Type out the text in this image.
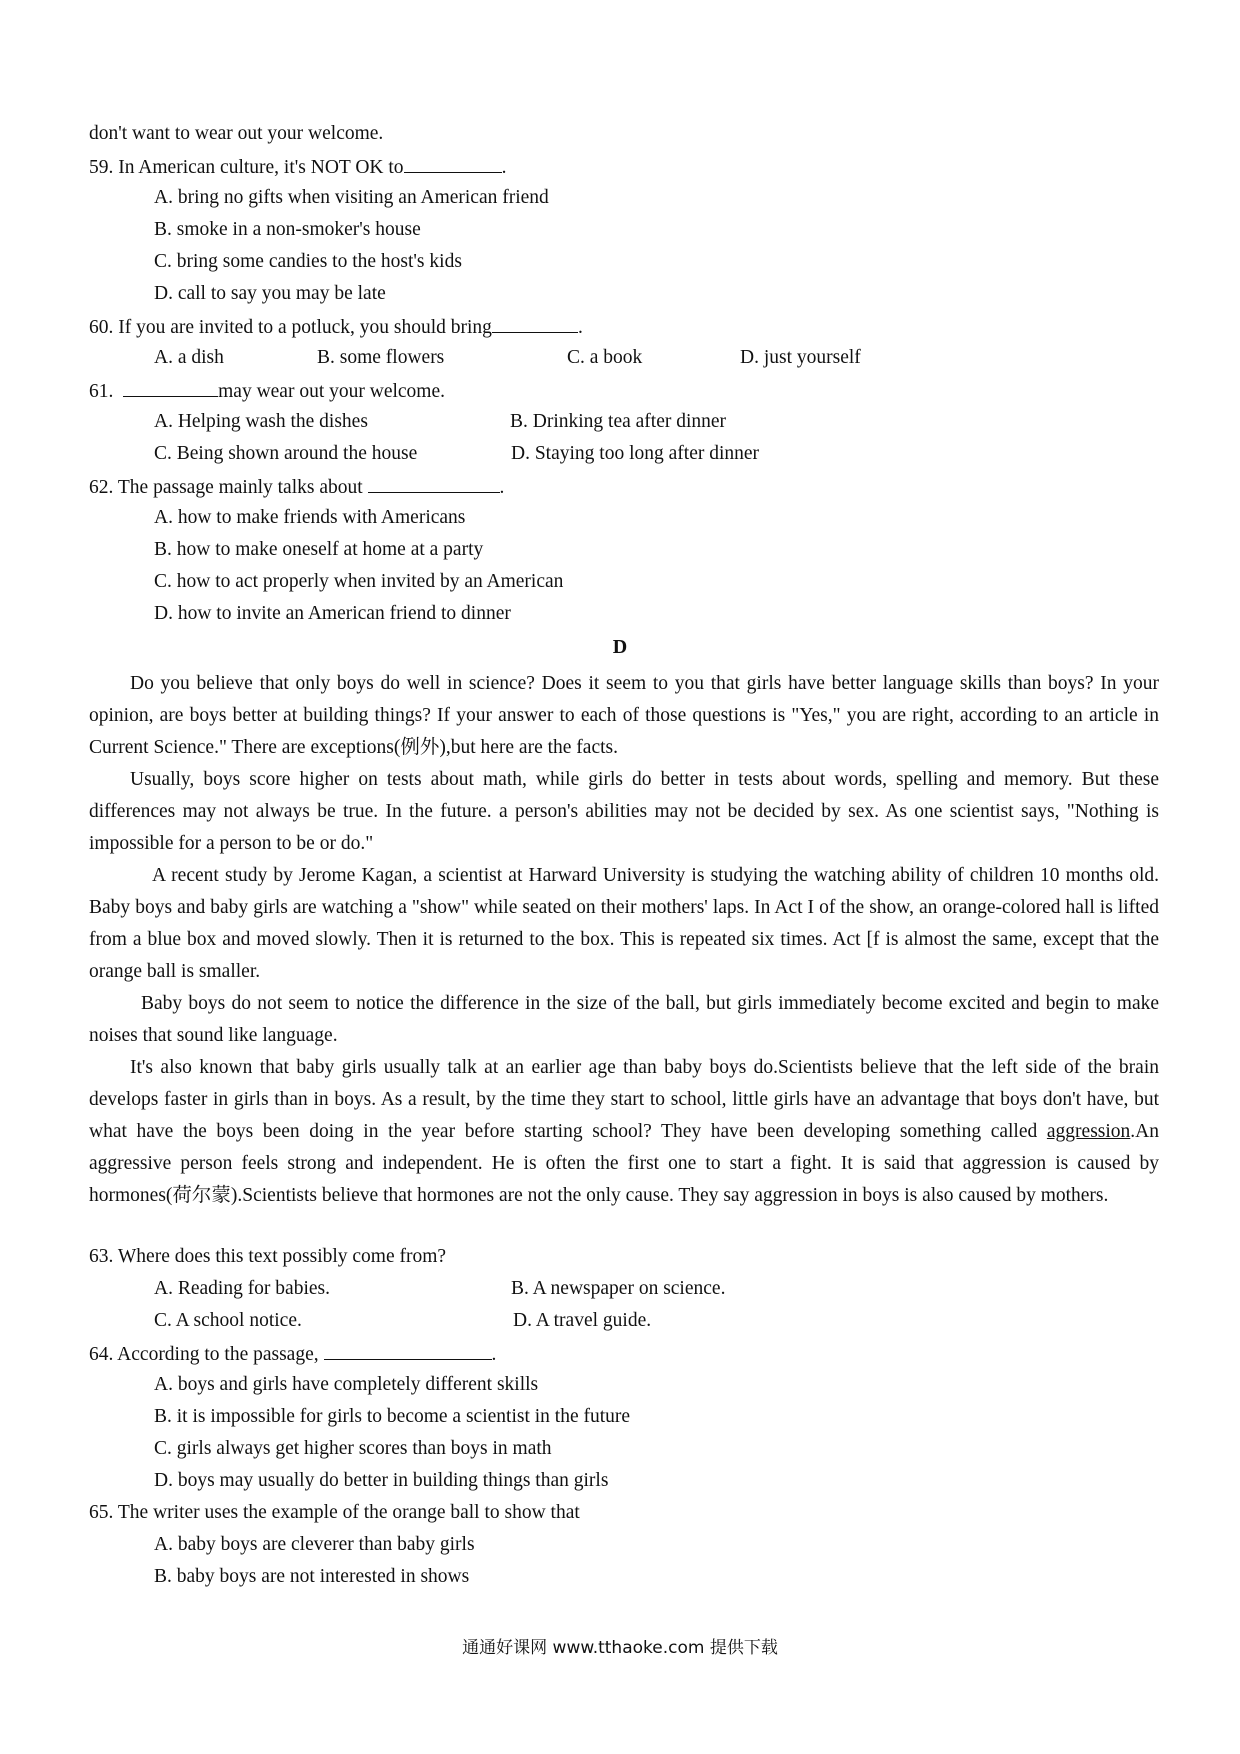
don't want to wear out your welcome.
59. In American culture, it's NOT OK to	.
A. bring no gifts when visiting an American friend
B. smoke in a non-smoker's house
C. bring some candies to the host's kids
D. call to say you may be late
60. If you are invited to a potluck, you should bring	.
A. a dish	B. some flowers	C. a book	D. just yourself
61.	may wear out your welcome.
A. Helping wash the dishes	B. Drinking tea after dinner
C. Being shown around the house	D. Staying too long after dinner
62. The passage mainly talks about	.
A. how to make friends with Americans
B. how to make oneself at home at a party
C. how to act properly when invited by an American
D. how to invite an American friend to dinner
D
Do you believe that only boys do well in science? Does it seem to you that girls have better language skills than boys? In your opinion, are boys better at building things? If your answer to each of those questions is "Yes," you are right, according to an article in Current Science." There are exceptions(例外),but here are the facts.
Usually, boys score higher on tests about math, while girls do better in tests about words, spelling and memory. But these differences may not always be true. In the future. a person's abilities may not be decided by sex. As one scientist says, "Nothing is impossible for a person to be or do."
A recent study by Jerome Kagan, a scientist at Harward University is studying the watching ability of children 10 months old. Baby boys and baby girls are watching a "show" while seated on their mothers' laps. In Act I of the show, an orange-colored hall is lifted from a blue box and moved slowly. Then it is returned to the box. This is repeated six times. Act [f is almost the same, except that the orange ball is smaller.
Baby boys do not seem to notice the difference in the size of the ball, but girls immediately become excited and begin to make noises that sound like language.
It's also known that baby girls usually talk at an earlier age than baby boys do.Scientists believe that the left side of the brain develops faster in girls than in boys. As a result, by the time they start to school, little girls have an advantage that boys don't have, but what have the boys been doing in the year before starting school? They have been developing something called aggression.An aggressive person feels strong and independent. He is often the first one to start a fight. It is said that aggression is caused by hormones(荷尔蒙).Scientists believe that hormones are not the only cause. They say aggression in boys is also caused by mothers.
63. Where does this text possibly come from?
A. Reading for babies.	B. A newspaper on science.
C. A school notice.	D. A travel guide.
64. According to the passage,	.
A. boys and girls have completely different skills
B. it is impossible for girls to become a scientist in the future
C. girls always get higher scores than boys in math
D. boys may usually do better in building things than girls
65. The writer uses the example of the orange ball to show that
A. baby boys are cleverer than baby girls
B. baby boys are not interested in shows
通通好课网 www.tthaoke.com 提供下载
